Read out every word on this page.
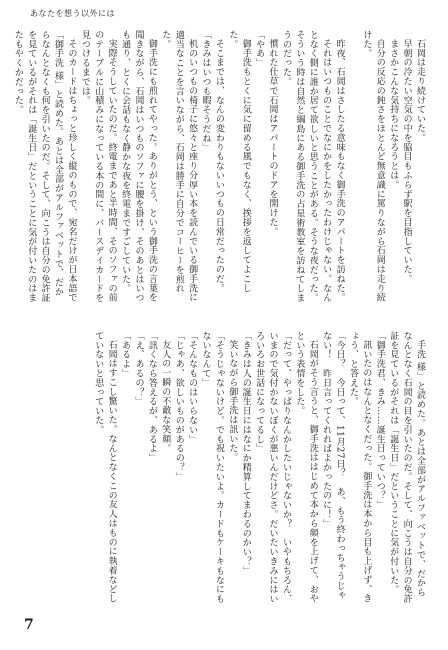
あなたを想う以外には

石岡は走り続けていた。

早朝の冷たい空気の中を脇目もふらず駅を目指していた。

まさかこんな気持ちになろうとは。

自分の反応の鈍さをほとんど無意識に罵りながら石岡は走り続けた。

昨夜、石岡はさしたる意味もなく御手洗のアパートを訪ねた。

それはいつものことでなにかをしたかったわけじゃない。なんとなく側に誰か居て欲しいと思うことがある。そうな夜だった。そういう時は自然と綱島にある御手洗の占星術教室を訪ねてしまうのだった。

慣れた仕草で石岡はアパートのドアを開けた。

「やあ」

御手洗もとくに気に留める風でもなく、挨拶を返してよこした。

そこまでは、なんの変わりもないいつもの日常だったのだ。

「きみはいつも暇そうだね」

机のいつもの椅子に悠々と座り分厚い本を読んでいる御手洗に適当なことを言いながら、石岡は勝手に自分でコーヒーを煎れた。

御手洗にも煎れてやった。ありがとう、という御手洗の言葉を聞きながら、石岡はいつものソファに腰を掛け、そのあとはいつも通り、とくに会話もなく静かな夜を終電まですごしていた。

実際そうしていたのだ。終電まであと半時間、そのソファの前のテーブルに山積みになっている本の間に、バースデイカードを見つけるまでは。

そのカードはちょっと珍しく縦のもので、宛名だけが日本語で「御手洗 様」と読めた。あとは全部がアルファベットで、だからなんとなくも何を引いたのだ。そして、向こうは自分の免許証を見ているがそれは「誕生日」だということに気が付いたのはまたもやくかだった。

手洗 様」と読めた。あとは全部がアルファベットで、だからなんとなく石岡の目を引いたのだ。そして、向こうは自分の免許証を見ているがそれは「誕生日」だということに気が付いた。

「御手洗君、きみ……誕生日っていつ？」

訊いたのはなんとなくだった。御手洗は本から目も上げず、きょう、と答えた。

「今日？　今日って、11月27日？　あ、もう終わっちゃうじゃない！　昨日言ってくれればよかったのに！」

石岡がそう言うと、御手洗ははじめて本から顔を上げて、おやという表情をした。

「だって、やっぱりなんかしたいじゃないか？　いやもちろん、いまので気付かないぼくが悪いんだけどさ。だいたいきみにはいろいろお世話になってるし」

「きみは人の誕生日にはなにか精算してまわるのかい？」

笑いながら御手洗は訊いた。

「そうじゃないけど。でも祝いたいよ。カードもケーキもなにもないなんて」

「そんなものはいらない」

「じゃあ、欲しいものがあるの？」

友人の一瞬の不敵な笑顔。

「訊くなら答えるが、あるよ」

「え、あるの？」

「あるよ」

石岡はすこし驚いた。なんとなくこの友人はものに執着などしていないと思っていた。

7
